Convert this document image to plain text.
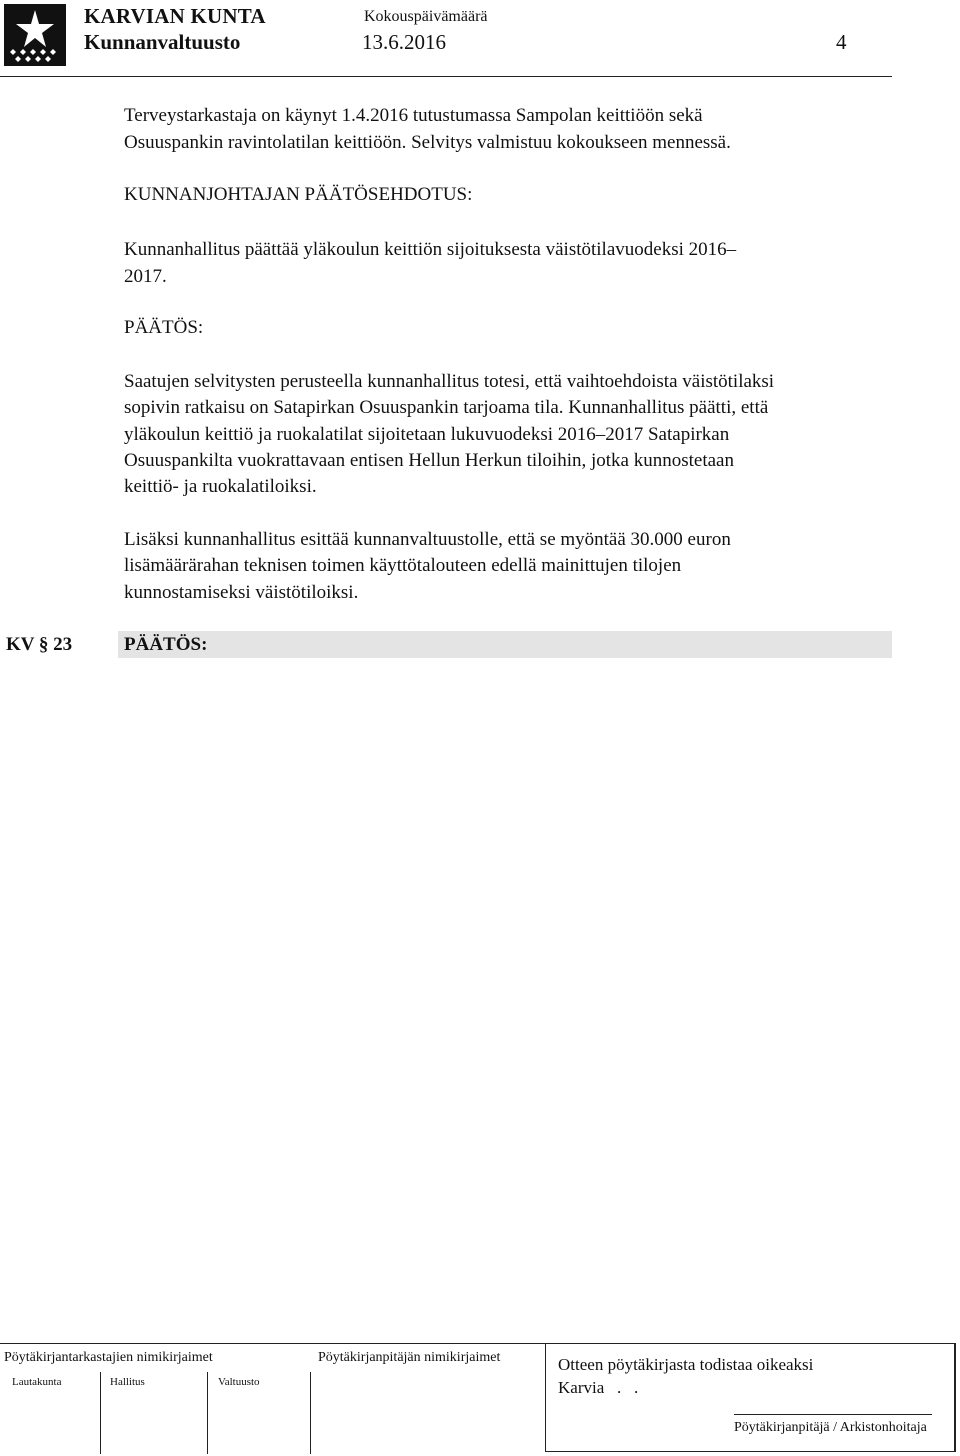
KARVIAN KUNTA
Kunnanvaltuusto
Kokouspäivämäärä
13.6.2016	4
Terveystarkastaja on käynyt 1.4.2016 tutustumassa Sampolan keittiöön sekä
Osuuspankin ravintolatilan keittiöön. Selvitys valmistuu kokoukseen mennessä.
KUNNANJOHTAJAN PÄÄTÖSEHDOTUS:
Kunnanhallitus päättää yläkoulun keittiön sijoituksesta väistötilavuodeksi 2016–
2017.
PÄÄTÖS:
Saatujen selvitysten perusteella kunnanhallitus totesi, että vaihtoehdoista väistötilaksi
sopivin ratkaisu on Satapirkan Osuuspankin tarjoama tila. Kunnanhallitus päätti, että
yläkoulun keittiö ja ruokalatilat sijoitetaan lukuvuodeksi 2016–2017 Satapirkan
Osuuspankilta vuokrattavaan entisen Hellun Herkun tiloihin, jotka kunnostetaan
keittiö- ja ruokalatiloiksi.
Lisäksi kunnanhallitus esittää kunnanvaltuustolle, että se myöntää 30.000 euron
lisämäärärahan teknisen toimen käyttötalouteen edellä mainittujen tilojen
kunnostamiseksi väistötiloiksi.
KV § 23	PÄÄTÖS:
Pöytäkirjantarkastajien nimikirjaimet	Pöytäkirjanpitäjän nimikirjaimet
Lautakunta	Hallitus	Valtuusto
Otteen pöytäkirjasta todistaa oikeaksi
Karvia   .   .
Pöytäkirjanpitäjä / Arkistonhoitaja
